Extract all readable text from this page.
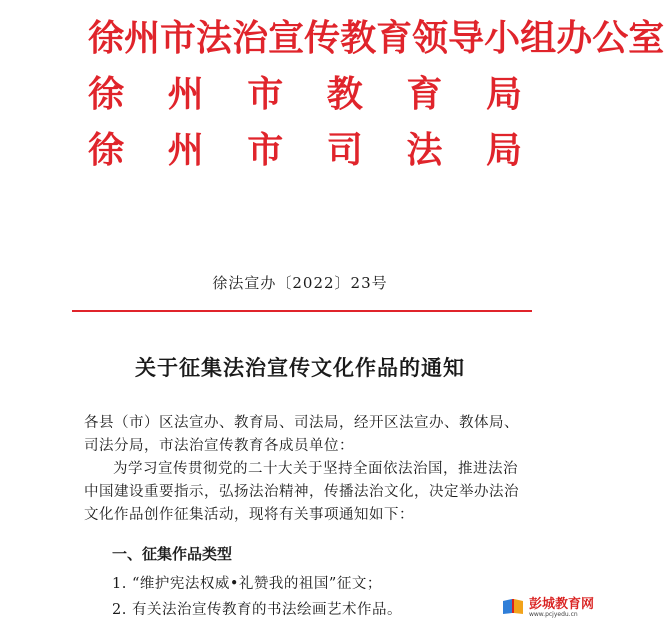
徐 州 市 法 治 宣 传 教 育 领 导 小 组 办 公 室
徐 州 市 教 育 局
徐 州 市 司 法 局
徐法宣办〔2022〕23号
关于征集法治宣传文化作品的通知

各县（市）区法宣办、教育局、司法局，经开区法宣办、教体局、司法分局，市法治宣传教育各成员单位：

为学习宣传贯彻党的二十大关于坚持全面依法治国，推进法治中国建设重要指示，弘扬法治精神，传播法治文化，决定举办法治文化作品创作征集活动，现将有关事项通知如下：

一、征集作品类型
1. “维护宪法权威•礼赞我的祖国”征文；
2. 有关法治宣传教育的书法绘画艺术作品。	彭城教育网
www.pcjyedu.cn
